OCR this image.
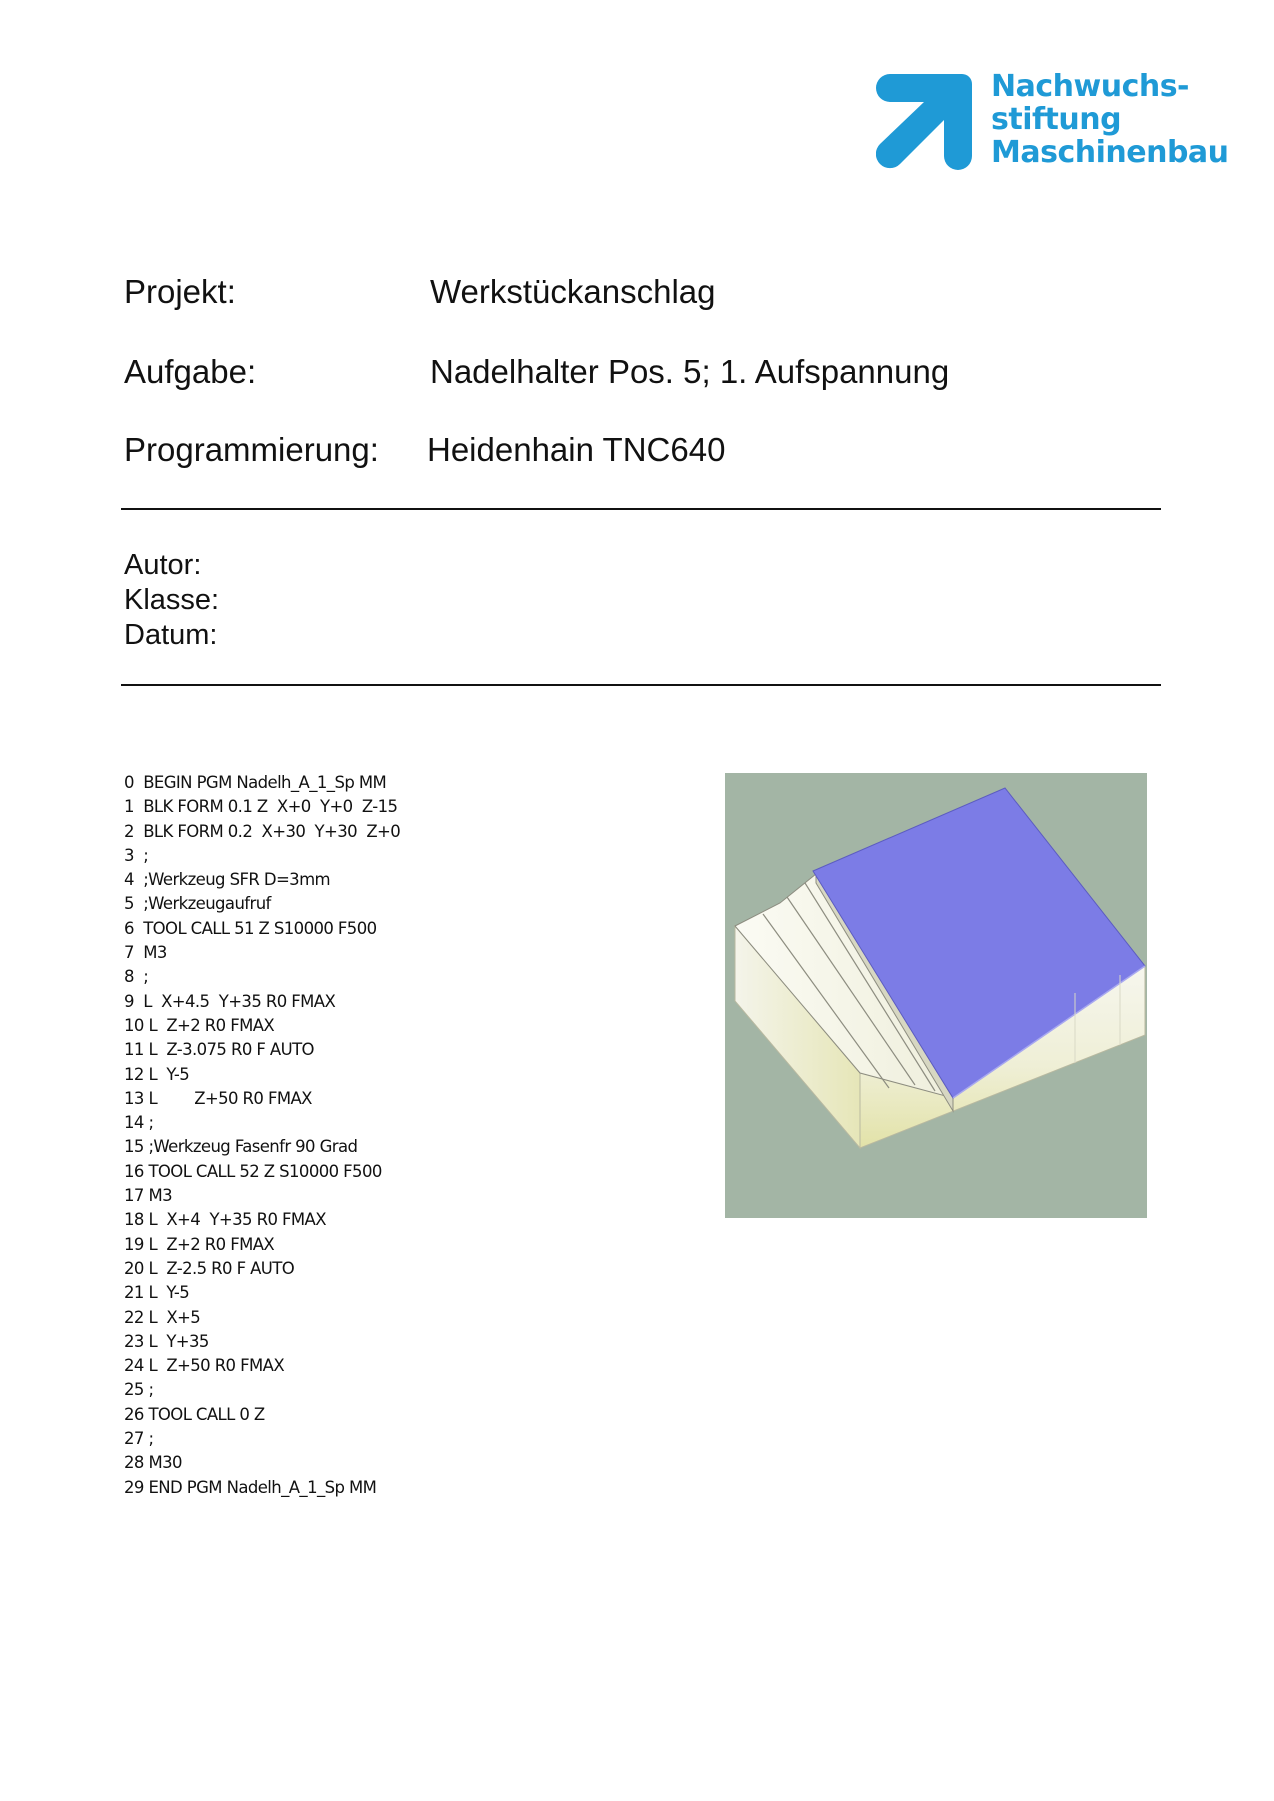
Nachwuchs-
stiftung
Maschinenbau
Projekt:	Werkstückanschlag
Aufgabe:	Nadelhalter Pos. 5; 1. Aufspannung
Programmierung: Heidenhain TNC640
Autor:
Klasse:
Datum:
0  BEGIN PGM Nadelh_A_1_Sp MM
1  BLK FORM 0.1 Z  X+0  Y+0  Z-15
2  BLK FORM 0.2  X+30  Y+30  Z+0
3  ;
4  ;Werkzeug SFR D=3mm
5  ;Werkzeugaufruf
6  TOOL CALL 51 Z S10000 F500
7  M3
8  ;
9  L  X+4.5  Y+35 R0 FMAX
10 L  Z+2 R0 FMAX
11 L  Z-3.075 R0 F AUTO
12 L  Y-5
13 L        Z+50 R0 FMAX
14 ;
15 ;Werkzeug Fasenfr 90 Grad
16 TOOL CALL 52 Z S10000 F500
17 M3
18 L  X+4  Y+35 R0 FMAX
19 L  Z+2 R0 FMAX
20 L  Z-2.5 R0 F AUTO
21 L  Y-5
22 L  X+5
23 L  Y+35
24 L  Z+50 R0 FMAX
25 ;
26 TOOL CALL 0 Z
27 ;
28 M30
29 END PGM Nadelh_A_1_Sp MM
